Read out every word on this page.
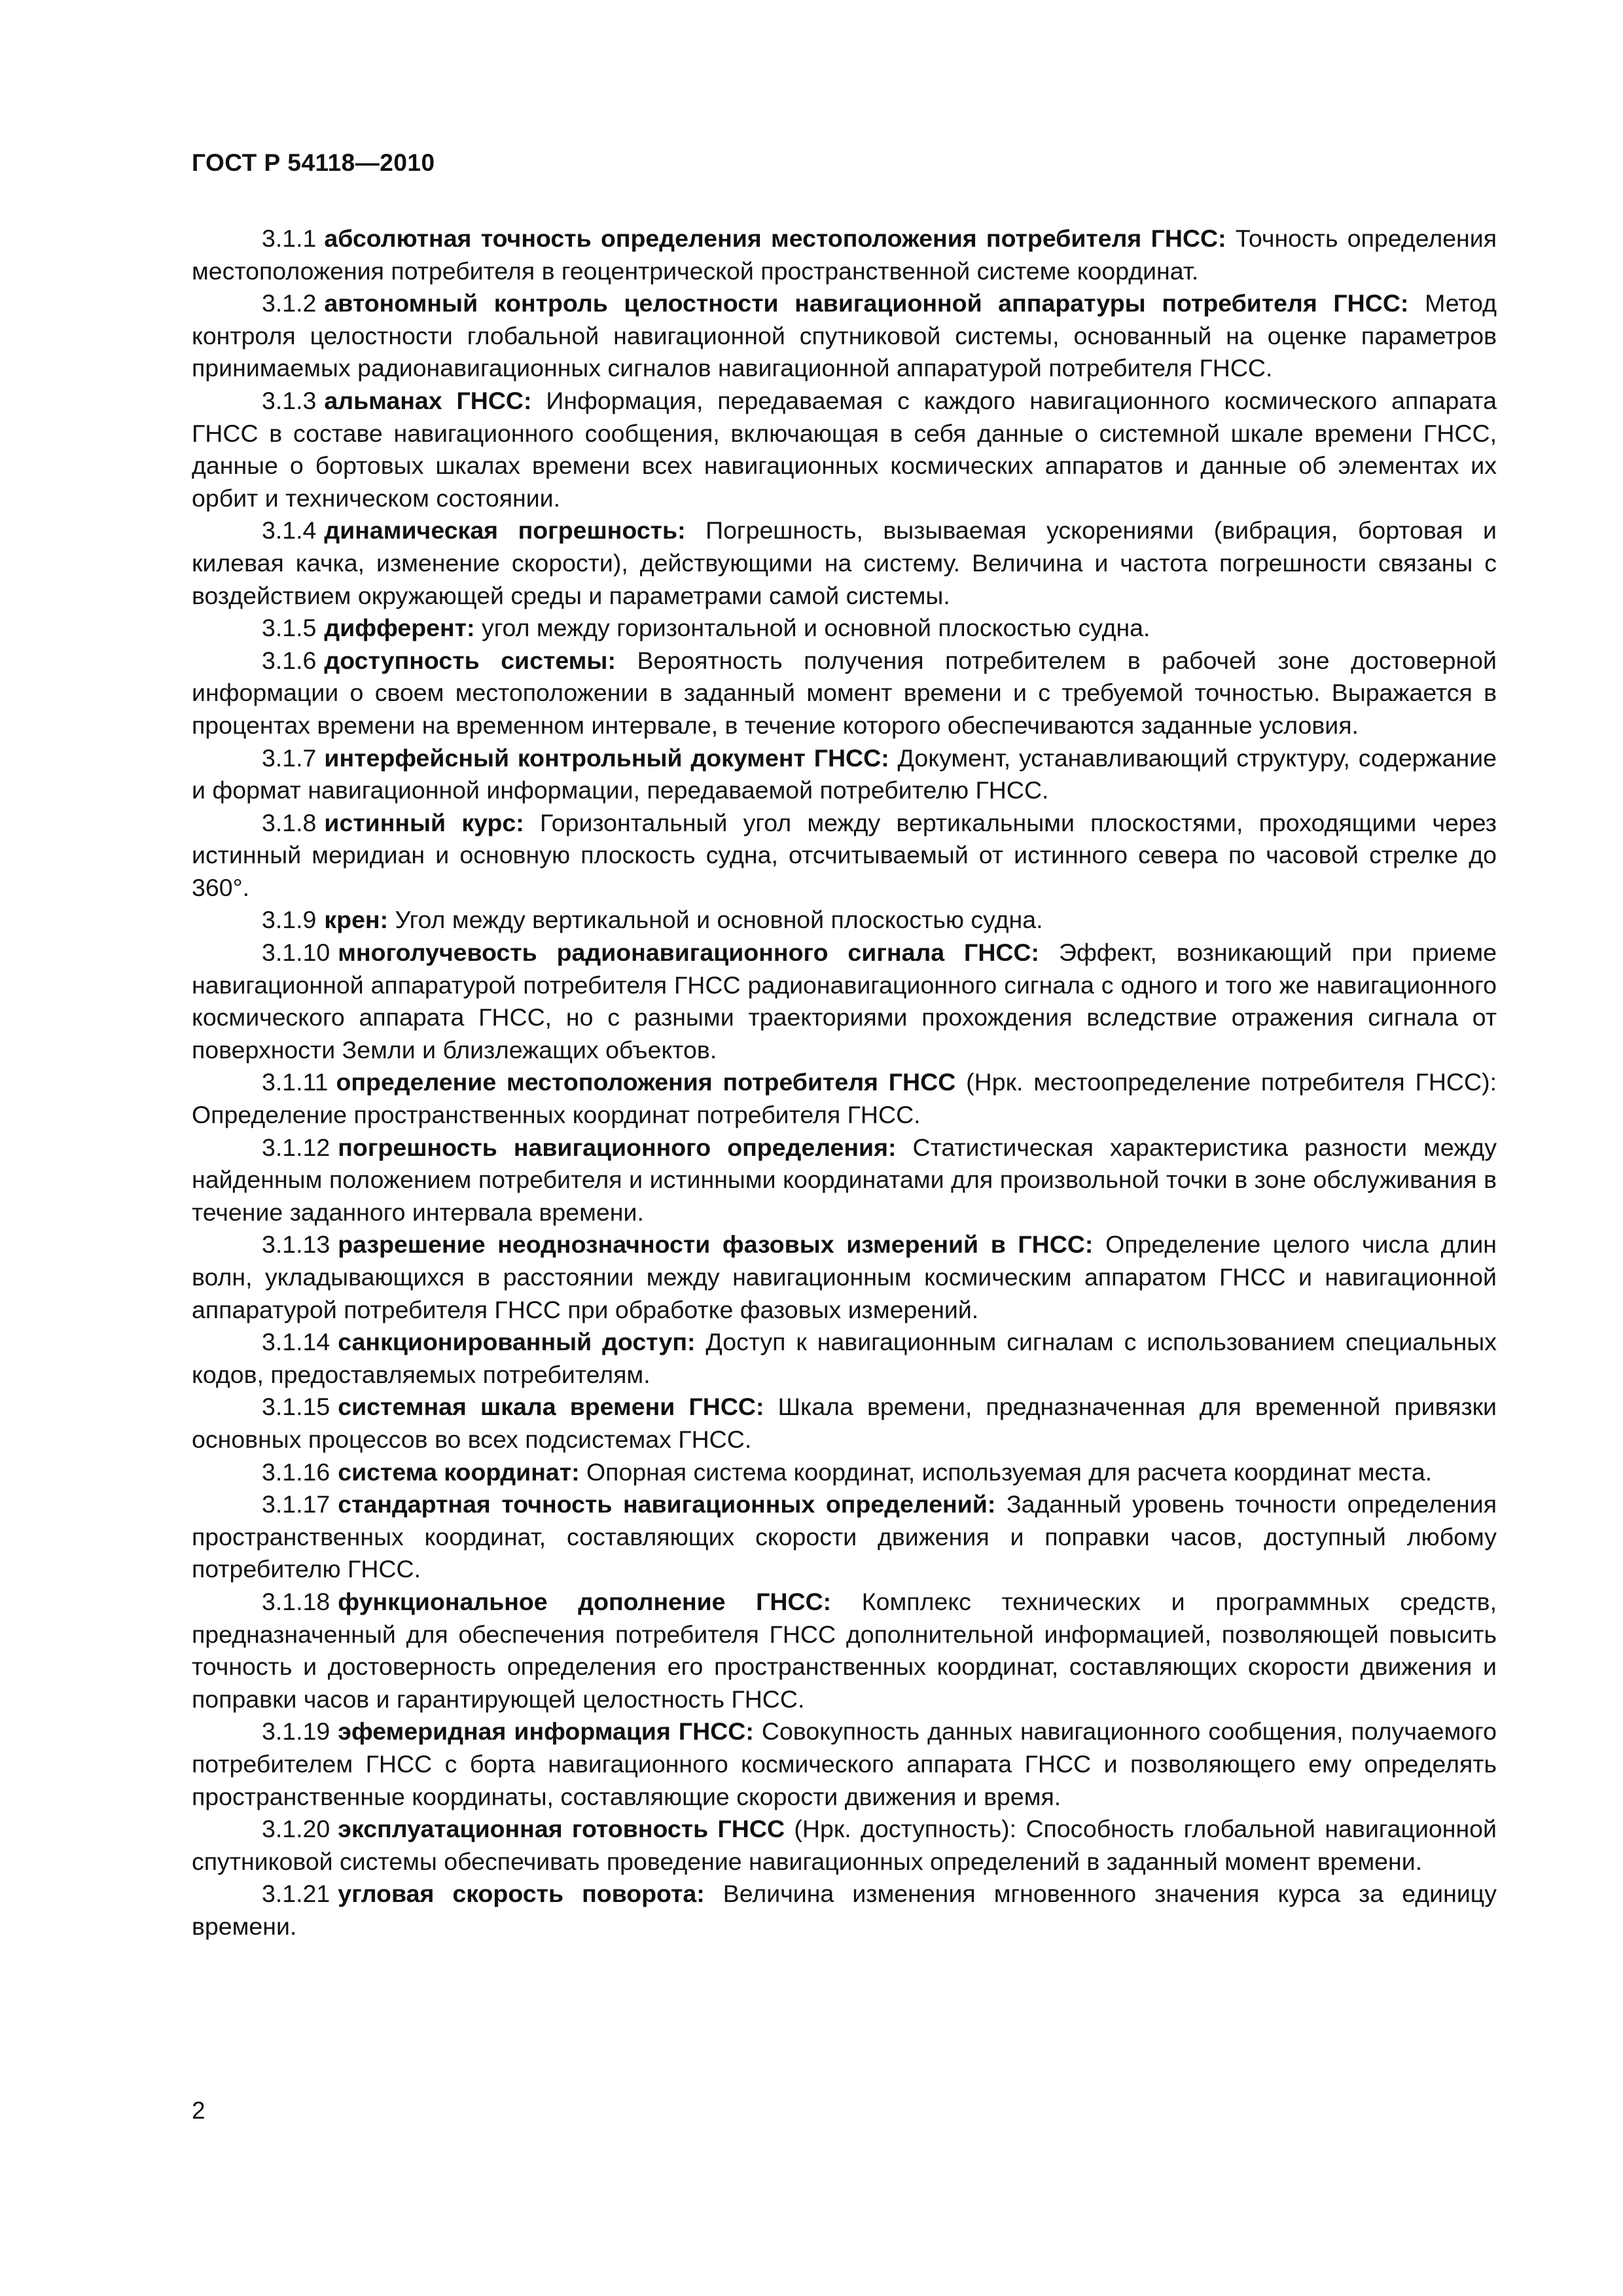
ГОСТ Р 54118—2010

3.1.1 абсолютная точность определения местоположения потребителя ГНСС: Точность определения местоположения потребителя в геоцентрической пространственной системе координат.

3.1.2 автономный контроль целостности навигационной аппаратуры потребителя ГНСС: Метод контроля целостности глобальной навигационной спутниковой системы, основанный на оценке параметров принимаемых радионавигационных сигналов навигационной аппаратурой потребителя ГНСС.

3.1.3 альманах ГНСС: Информация, передаваемая с каждого навигационного космического аппарата ГНСС в составе навигационного сообщения, включающая в себя данные о системной шкале времени ГНСС, данные о бортовых шкалах времени всех навигационных космических аппаратов и данные об элементах их орбит и техническом состоянии.

3.1.4 динамическая погрешность: Погрешность, вызываемая ускорениями (вибрация, бортовая и килевая качка, изменение скорости), действующими на систему. Величина и частота погрешности связаны с воздействием окружающей среды и параметрами самой системы.

3.1.5 дифферент: угол между горизонтальной и основной плоскостью судна.

3.1.6 доступность системы: Вероятность получения потребителем в рабочей зоне достоверной информации о своем местоположении в заданный момент времени и с требуемой точностью. Выражается в процентах времени на временном интервале, в течение которого обеспечиваются заданные условия.

3.1.7 интерфейсный контрольный документ ГНСС: Документ, устанавливающий структуру, содержание и формат навигационной информации, передаваемой потребителю ГНСС.

3.1.8 истинный курс: Горизонтальный угол между вертикальными плоскостями, проходящими через истинный меридиан и основную плоскость судна, отсчитываемый от истинного севера по часовой стрелке до 360°.

3.1.9 крен: Угол между вертикальной и основной плоскостью судна.

3.1.10 многолучевость радионавигационного сигнала ГНСС: Эффект, возникающий при приеме навигационной аппаратурой потребителя ГНСС радионавигационного сигнала с одного и того же навигационного космического аппарата ГНСС, но с разными траекториями прохождения вследствие отражения сигнала от поверхности Земли и близлежащих объектов.

3.1.11 определение местоположения потребителя ГНСС (Нрк. местоопределение потребителя ГНСС): Определение пространственных координат потребителя ГНСС.

3.1.12 погрешность навигационного определения: Статистическая характеристика разности между найденным положением потребителя и истинными координатами для произвольной точки в зоне обслуживания в течение заданного интервала времени.

3.1.13 разрешение неоднозначности фазовых измерений в ГНСС: Определение целого числа длин волн, укладывающихся в расстоянии между навигационным космическим аппаратом ГНСС и навигационной аппаратурой потребителя ГНСС при обработке фазовых измерений.

3.1.14 санкционированный доступ: Доступ к навигационным сигналам с использованием специальных кодов, предоставляемых потребителям.

3.1.15 системная шкала времени ГНСС: Шкала времени, предназначенная для временной привязки основных процессов во всех подсистемах ГНСС.

3.1.16 система координат: Опорная система координат, используемая для расчета координат места.

3.1.17 стандартная точность навигационных определений: Заданный уровень точности определения пространственных координат, составляющих скорости движения и поправки часов, доступный любому потребителю ГНСС.

3.1.18 функциональное дополнение ГНСС: Комплекс технических и программных средств, предназначенный для обеспечения потребителя ГНСС дополнительной информацией, позволяющей повысить точность и достоверность определения его пространственных координат, составляющих скорости движения и поправки часов и гарантирующей целостность ГНСС.

3.1.19 эфемеридная информация ГНСС: Совокупность данных навигационного сообщения, получаемого потребителем ГНСС с борта навигационного космического аппарата ГНСС и позволяющего ему определять пространственные координаты, составляющие скорости движения и время.

3.1.20 эксплуатационная готовность ГНСС (Нрк. доступность): Способность глобальной навигационной спутниковой системы обеспечивать проведение навигационных определений в заданный момент времени.

3.1.21 угловая скорость поворота: Величина изменения мгновенного значения курса за единицу времени.

2
